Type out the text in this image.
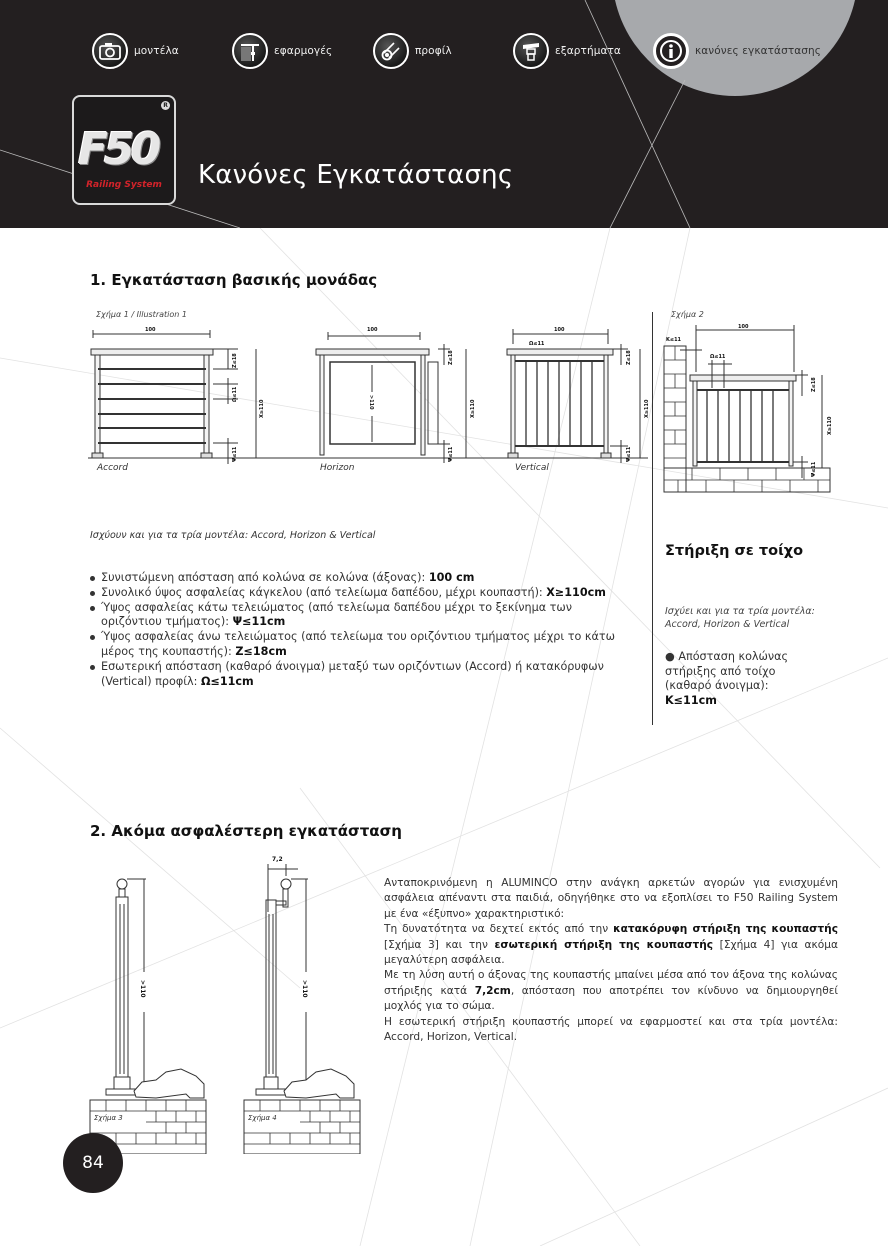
μοντέλα	εφαρμογές	προφίλ	εξαρτήματα	κανόνες εγκατάστασης
R
F50
Railing System	Κανόνες Εγκατάστασης
1. Εγκατάσταση βασικής μονάδας
Σχήμα 1 / Illustration 1	Σχήμα 2
100
Z≤18
Ω≤11
Ψ≤11
X≥110
100
>110
Z≤18
Ψ≤11
X≥110
100
Ω≤11
Z≤18
Ψ≤11
X≥110
Accord	Horizon	Vertical
100
K≤11
Ω≤11
Z≤18
Ψ≤11
X≥110
Ισχύουν και για τα τρία μοντέλα: Accord, Horizon & Vertical
Συνιστώμενη απόσταση από κολώνα σε κολώνα (άξονας): 100 cm
Συνολικό ύψος ασφαλείας κάγκελου (από τελείωμα δαπέδου, μέχρι κουπαστή): X≥110cm
Ύψος ασφαλείας κάτω τελειώματος (από τελείωμα δαπέδου μέχρι το ξεκίνημα των οριζόντιου τμήματος): Ψ≤11cm
Ύψος ασφαλείας άνω τελειώματος (από τελείωμα του οριζόντιου τμήματος μέχρι το κάτω μέρος της κουπαστής): Z≤18cm
Εσωτερική απόσταση (καθαρό άνοιγμα) μεταξύ των οριζόντιων (Accord) ή κατακόρυφων (Vertical) προφίλ: Ω≤11cm
Στήριξη σε τοίχο
Ισχύει και για τα τρία μοντέλα: Accord, Horizon & Vertical
● Απόσταση κολώνας στήριξης από τοίχο (καθαρό άνοιγμα): K≤11cm
2. Ακόμα ασφαλέστερη εγκατάσταση
>110	>110
7,2
Σχήμα 3	Σχήμα 4

Ανταποκρινόμενη η ALUMINCO στην ανάγκη αρκετών αγορών για ενισχυμένη ασφάλεια απέναντι στα παιδιά, οδηγήθηκε στο να εξοπλίσει το F50 Railing System με ένα «έξυπνο» χαρακτηριστικό:

Τη δυνατότητα να δεχτεί εκτός από την κατακόρυφη στήριξη της κουπαστής [Σχήμα 3] και την εσωτερική στήριξη της κουπαστής [Σχήμα 4] για ακόμα μεγαλύτερη ασφάλεια.

Με τη λύση αυτή ο άξονας της κουπαστής μπαίνει μέσα από τον άξονα της κολώνας στήριξης κατά 7,2cm, απόσταση που αποτρέπει τον κίνδυνο να δημιουργηθεί μοχλός για το σώμα.

Η εσωτερική στήριξη κουπαστής μπορεί να εφαρμοστεί και στα τρία μοντέλα: Accord, Horizon, Vertical.

84
